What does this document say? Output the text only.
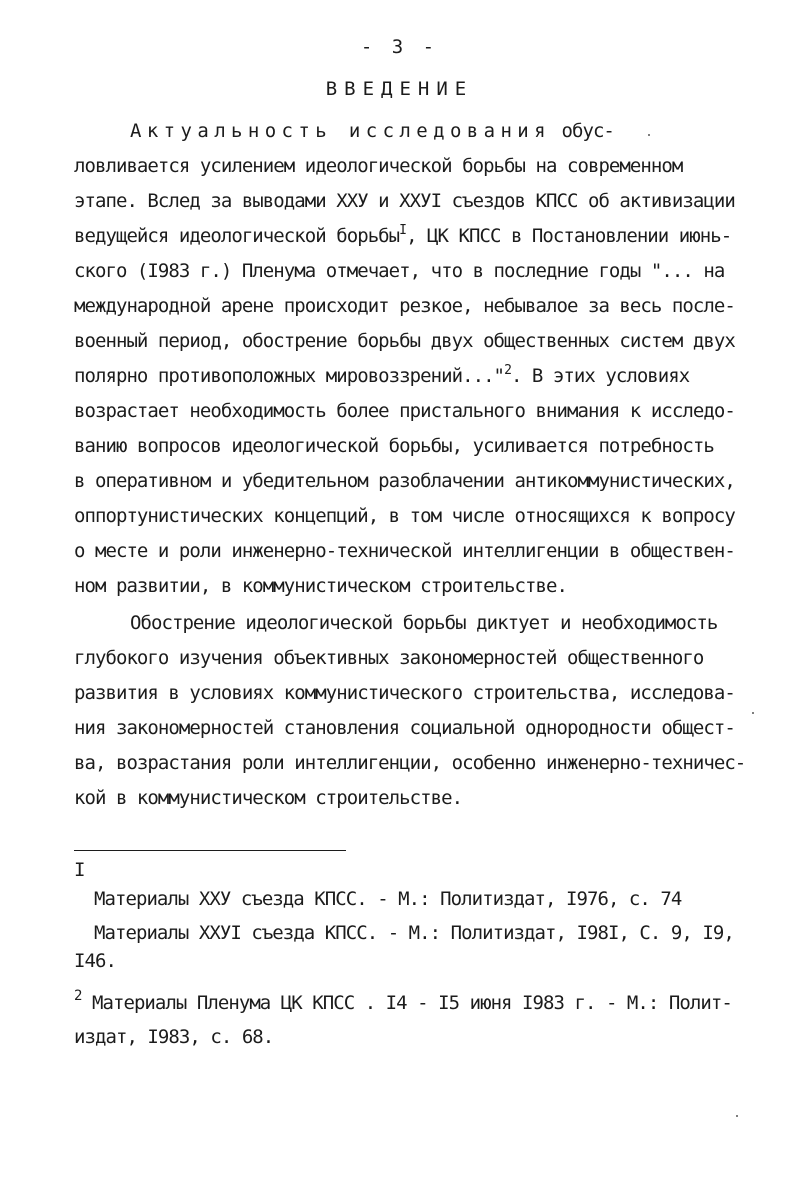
- 3 -
ВВЕДЕНИЕ
Актуальность исследования обус-
ловливается усилением идеологической борьбы на современном
этапе. Вслед за выводами ХХУ и ХХУI съездов КПСС об активизации
ведущейся идеологической борьбы$^I$, ЦК КПСС в Постановлении июнь-
ского (I983 г.) Пленума отмечает, что в последние годы "... на
международной арене происходит резкое, небывалое за весь после-
военный период, обострение борьбы двух общественных систем двух
полярно противоположных мировоззрений..."$^2$. В этих условиях
возрастает необходимость более пристального внимания к исследо-
ванию вопросов идеологической борьбы, усиливается потребность
в оперативном и убедительном разоблачении антикоммунистических,
оппортунистических концепций, в том числе относящихся к вопросу
о месте и роли инженерно-технической интеллигенции в обществен-
ном развитии, в коммунистическом строительстве.
Обострение идеологической борьбы диктует и необходимость
глубокого изучения объективных закономерностей общественного
развития в условиях коммунистического строительства, исследова-
ния закономерностей становления социальной однородности общест-
ва, возрастания роли интеллигенции, особенно инженерно-техничес-
кой в коммунистическом строительстве.
I
Материалы ХХУ съезда КПСС. - М.: Политиздат, I976, с. 74
Материалы ХХУI съезда КПСС. - М.: Политиздат, I98I, С. 9, I9,
I46.
$^2$ Материалы Пленума ЦК КПСС . I4 - I5 июня I983 г. - М.: Полит-
издат, I983, с. 68.
